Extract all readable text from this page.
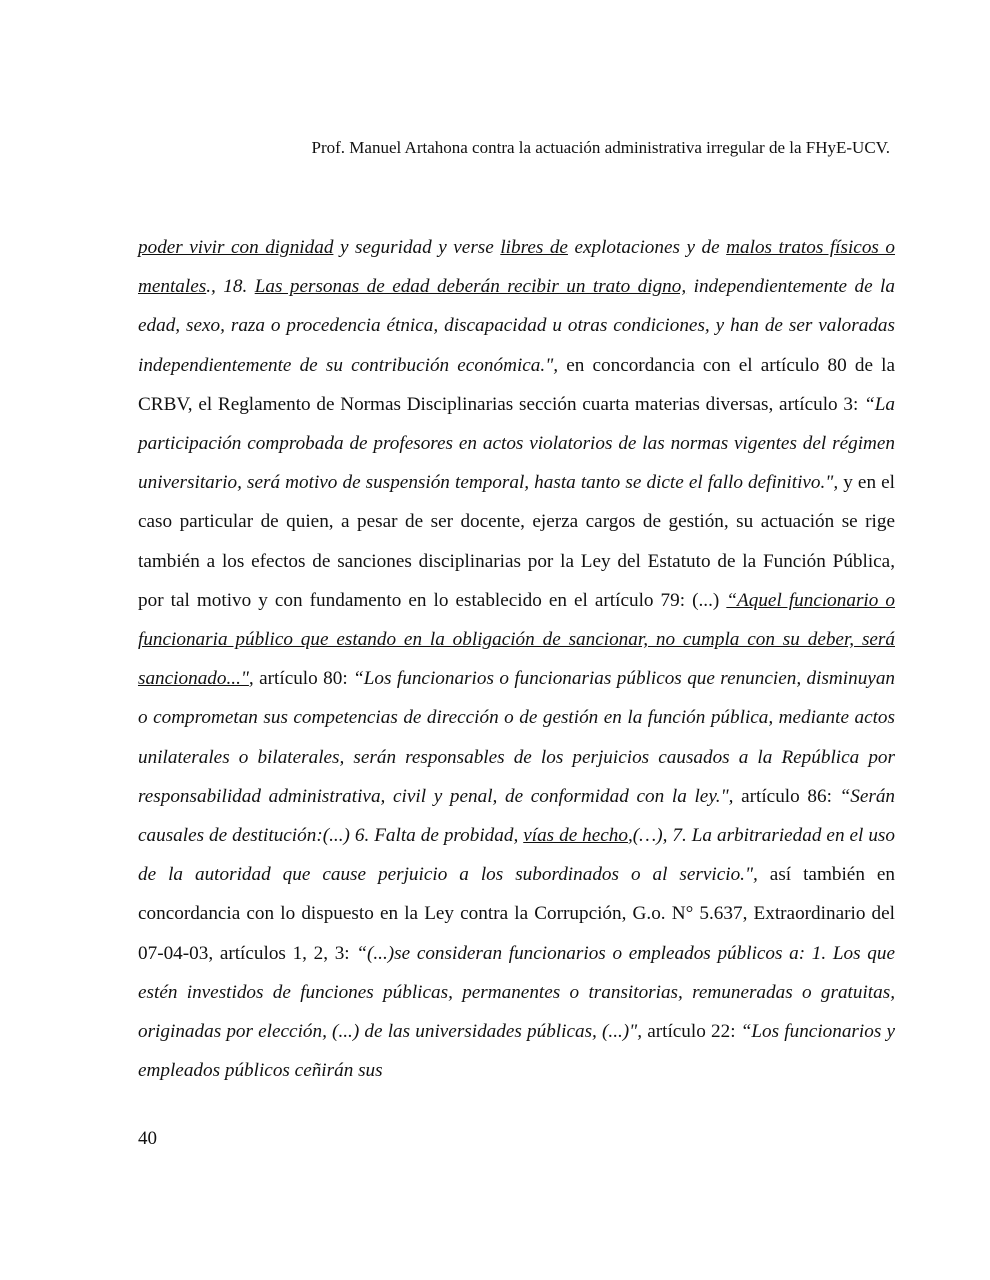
Prof. Manuel Artahona contra la actuación administrativa irregular de la FHyE-UCV.

poder vivir con dignidad y seguridad y verse libres de explotaciones y de malos tratos físicos o mentales., 18. Las personas de edad deberán recibir un trato digno, independientemente de la edad, sexo, raza o procedencia étnica, discapacidad u otras condiciones, y han de ser valoradas independientemente de su contribución económica.", en concordancia con el artículo 80 de la CRBV, el Reglamento de Normas Disciplinarias sección cuarta materias diversas, artículo 3: “La participación comprobada de profesores en actos violatorios de las normas vigentes del régimen universitario, será motivo de suspensión temporal, hasta tanto se dicte el fallo definitivo.", y en el caso particular de quien, a pesar de ser docente, ejerza cargos de gestión, su actuación se rige también a los efectos de sanciones disciplinarias por la Ley del Estatuto de la Función Pública, por tal motivo y con fundamento en lo establecido en el artículo 79: (...) “Aquel funcionario o funcionaria público que estando en la obligación de sancionar, no cumpla con su deber, será sancionado...", artículo 80: “Los funcionarios o funcionarias públicos que renuncien, disminuyan o comprometan sus competencias de dirección o de gestión en la función pública, mediante actos unilaterales o bilaterales, serán responsables de los perjuicios causados a la República por responsabilidad administrativa, civil y penal, de conformidad con la ley.", artículo 86: “Serán causales de destitución:(...) 6. Falta de probidad, vías de hecho,(…), 7. La arbitrariedad en el uso de la autoridad que cause perjuicio a los subordinados o al servicio.", así también en concordancia con lo dispuesto en la Ley contra la Corrupción, G.o. N° 5.637, Extraordinario del 07-04-03, artículos 1, 2, 3: “(...)se consideran funcionarios o empleados públicos a: 1. Los que estén investidos de funciones públicas, permanentes o transitorias, remuneradas o gratuitas, originadas por elección, (...) de las universidades públicas, (...)", artículo 22: “Los funcionarios y empleados públicos ceñirán sus

40
